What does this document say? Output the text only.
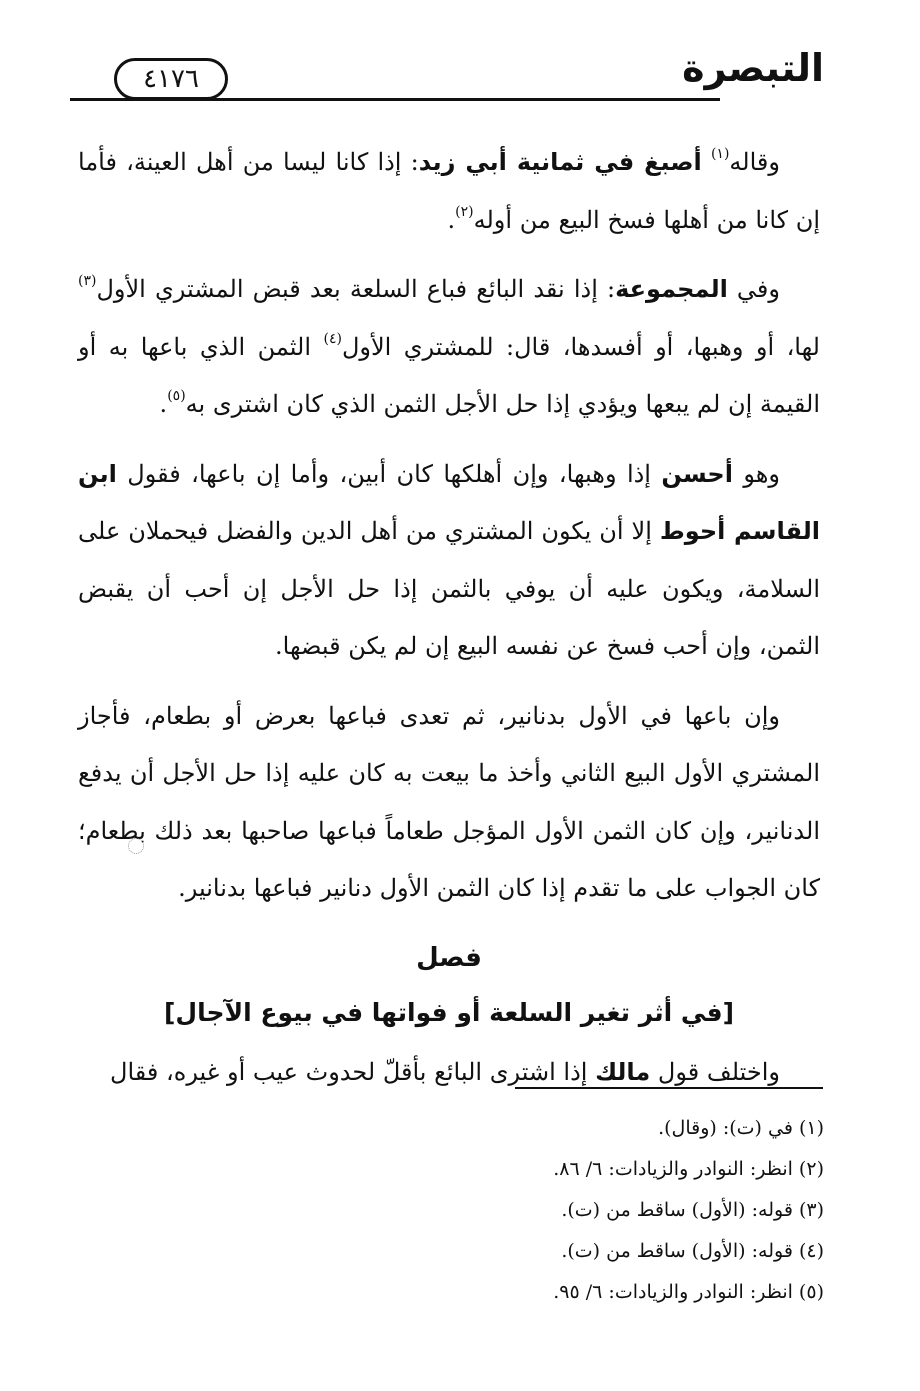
٤١٧٦	التبصرة

وقاله$^{(١)}$ أصبغ في ثمانية أبي زيد: إذا كانا ليسا من أهل العينة، فأما إن كانا من أهلها فسخ البيع من أوله$^{(٢)}$.

وفي المجموعة: إذا نقد البائع فباع السلعة بعد قبض المشتري الأول$^{(٣)}$ لها، أو وهبها، أو أفسدها، قال: للمشتري الأول$^{(٤)}$ الثمن الذي باعها به أو القيمة إن لم يبعها ويؤدي إذا حل الأجل الثمن الذي كان اشترى به$^{(٥)}$.

وهو أحسن إذا وهبها، وإن أهلكها كان أبين، وأما إن باعها، فقول ابن القاسم أحوط إلا أن يكون المشتري من أهل الدين والفضل فيحملان على السلامة، ويكون عليه أن يوفي بالثمن إذا حل الأجل إن أحب أن يقبض الثمن، وإن أحب فسخ عن نفسه البيع إن لم يكن قبضها.

وإن باعها في الأول بدنانير، ثم تعدى فباعها بعرض أو بطعام، فأجاز المشتري الأول البيع الثاني وأخذ ما بيعت به كان عليه إذا حل الأجل أن يدفع الدنانير، وإن كان الثمن الأول المؤجل طعاماً فباعها صاحبها بعد ذلك بطعام؛ كان الجواب على ما تقدم إذا كان الثمن الأول دنانير فباعها بدنانير.

فصل

[في أثر تغير السلعة أو فواتها في بيوع الآجال]

واختلف قول مالك إذا اشترى البائع بأقلّ لحدوث عيب أو غيره، فقال

(١) في (ت): (وقال).

(٢) انظر: النوادر والزيادات: ٦/ ٨٦.

(٣) قوله: (الأول) ساقط من (ت).

(٤) قوله: (الأول) ساقط من (ت).

(٥) انظر: النوادر والزيادات: ٦/ ٩٥.
